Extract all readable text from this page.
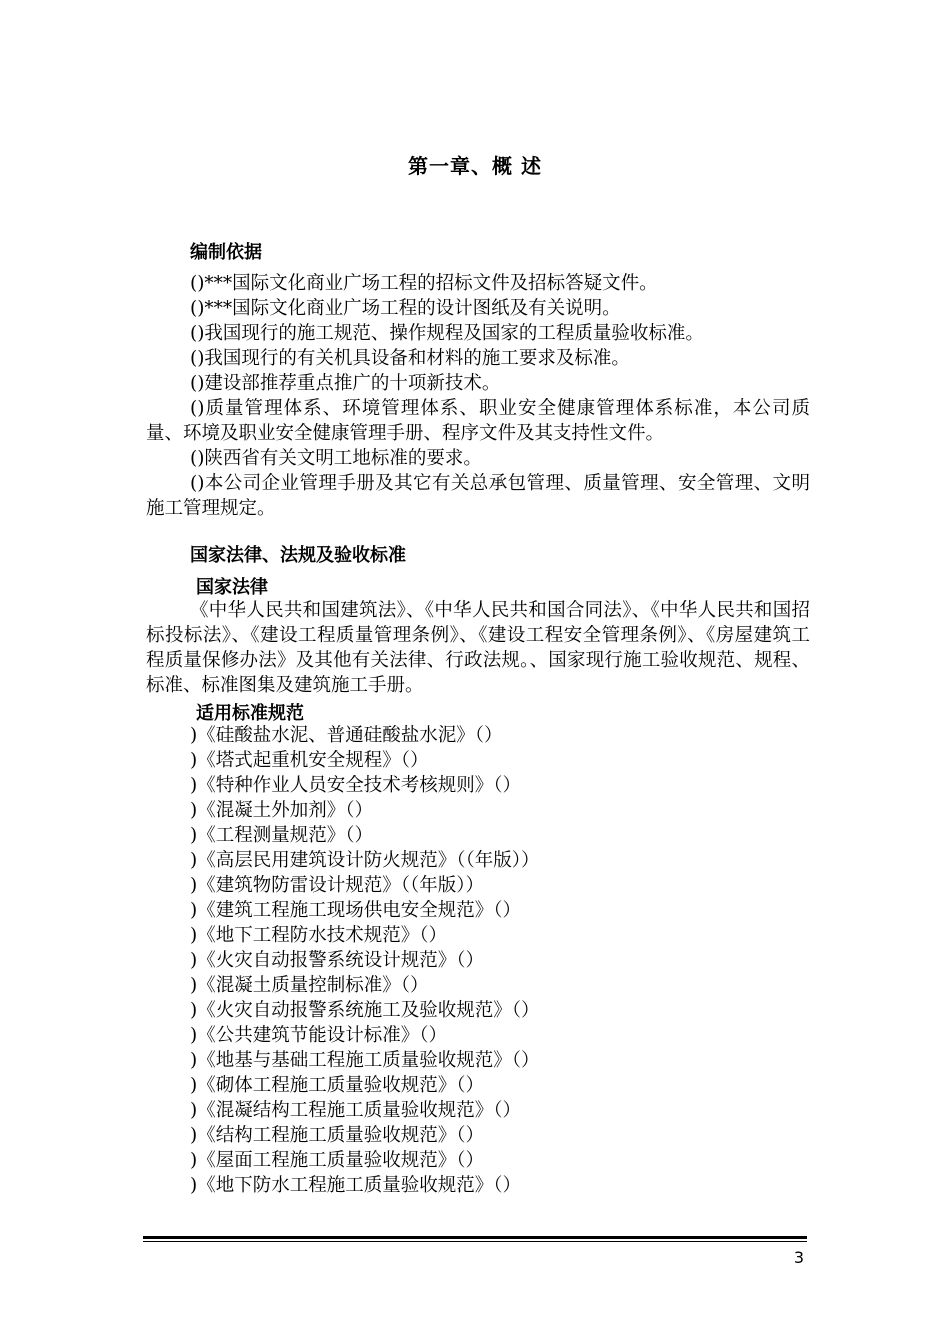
第一章、概 述
编制依据

()***国际文化商业广场工程的招标文件及招标答疑文件。

()***国际文化商业广场工程的设计图纸及有关说明。

()我国现行的施工规范、操作规程及国家的工程质量验收标准。

()我国现行的有关机具设备和材料的施工要求及标准。

()建设部推荐重点推广的十项新技术。

()质量管理体系、环境管理体系、职业安全健康管理体系标准，本公司质量、环境及职业安全健康管理手册、程序文件及其支持性文件。

()陕西省有关文明工地标准的要求。

()本公司企业管理手册及其它有关总承包管理、质量管理、安全管理、文明施工管理规定。

国家法律、法规及验收标准
国家法律

《中华人民共和国建筑法》、《中华人民共和国合同法》、《中华人民共和国招标投标法》、《建设工程质量管理条例》、《建设工程安全管理条例》、《房屋建筑工程质量保修办法》及其他有关法律、行政法规。、国家现行施工验收规范、规程、标准、标准图集及建筑施工手册。

适用标准规范
)《硅酸盐水泥、普通硅酸盐水泥》（）
)《塔式起重机安全规程》（）
)《特种作业人员安全技术考核规则》（）
)《混凝土外加剂》（）
)《工程测量规范》（）
)《高层民用建筑设计防火规范》（（年版））
)《建筑物防雷设计规范》（（年版））
)《建筑工程施工现场供电安全规范》（）
)《地下工程防水技术规范》（）
)《火灾自动报警系统设计规范》（）
)《混凝土质量控制标准》（）
)《火灾自动报警系统施工及验收规范》（）
)《公共建筑节能设计标准》（）
)《地基与基础工程施工质量验收规范》（）
)《砌体工程施工质量验收规范》（）
)《混凝结构工程施工质量验收规范》（）
)《结构工程施工质量验收规范》（）
)《屋面工程施工质量验收规范》（）
)《地下防水工程施工质量验收规范》（）
3
